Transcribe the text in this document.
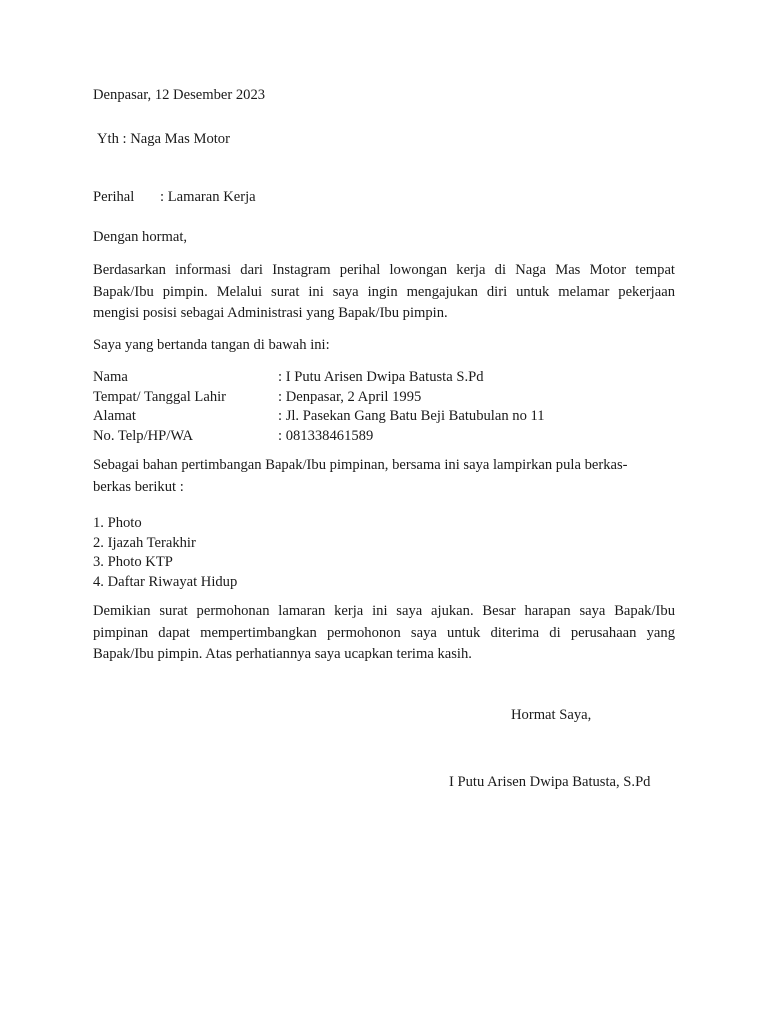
Denpasar, 12 Desember 2023
Yth : Naga Mas Motor
Perihal : Lamaran Kerja
Dengan hormat,
Berdasarkan informasi dari Instagram perihal lowongan kerja di Naga Mas Motor tempat
Bapak/Ibu pimpin. Melalui surat ini saya ingin mengajukan diri untuk melamar pekerjaan
mengisi posisi sebagai Administrasi yang Bapak/Ibu pimpin.
Saya yang bertanda tangan di bawah ini:
Nama	: I Putu Arisen Dwipa Batusta S.Pd
Tempat/ Tanggal Lahir	: Denpasar, 2 April 1995
Alamat	: Jl. Pasekan Gang Batu Beji Batubulan no 11
No. Telp/HP/WA	: 081338461589
Sebagai bahan pertimbangan Bapak/Ibu pimpinan, bersama ini saya lampirkan pula berkas-
berkas berikut :
1. Photo
2. Ijazah Terakhir
3. Photo KTP
4. Daftar Riwayat Hidup
Demikian surat permohonan lamaran kerja ini saya ajukan. Besar harapan saya Bapak/Ibu
pimpinan dapat mempertimbangkan permohonon saya untuk diterima di perusahaan yang
Bapak/Ibu pimpin. Atas perhatiannya saya ucapkan terima kasih.
Hormat Saya,
I Putu Arisen Dwipa Batusta, S.Pd
